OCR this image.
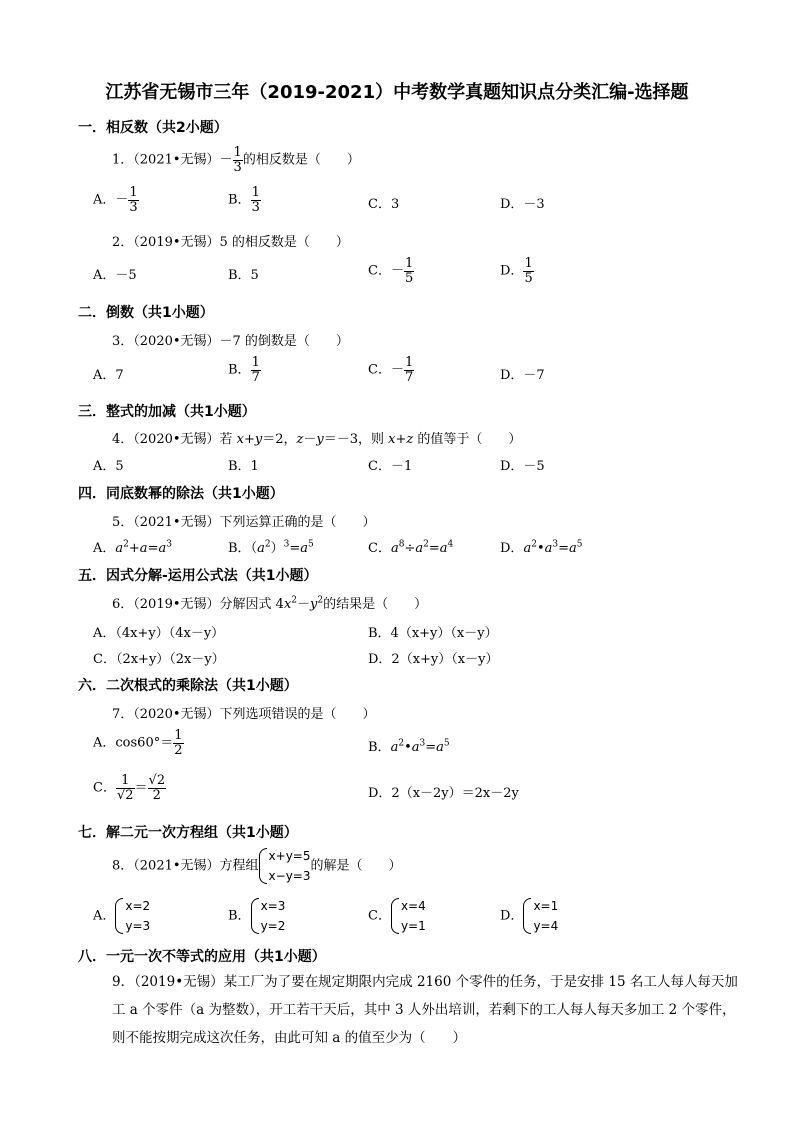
江苏省无锡市三年（2019-2021）中考数学真题知识点分类汇编-选择题
一．相反数（共2小题）
1．（2021•无锡）－ $\frac{1}{3}$ 的相反数是（　　）
A．－ $\frac{1}{3}$	B． $\frac{1}{3}$	C．3	D．－3
2．（2019•无锡）5 的相反数是（　　）
A．－5	B．5	C．－ $\frac{1}{5}$	D． $\frac{1}{5}$
二．倒数（共1小题）
3．（2020•无锡）－7 的倒数是（　　）
A．7	B． $\frac{1}{7}$	C．－ $\frac{1}{7}$	D．－7
三．整式的加减（共1小题）
4．（2020•无锡）若 x+y＝2，z－y＝－3，则 x+z 的值等于（　　）
A．5	B．1	C．－1	D．－5
四．同底数幂的除法（共1小题）
5．（2021•无锡）下列运算正确的是（　　）
A．$a^2+a=a^3$	B．$(a^2)^3=a^5$	C．$a^8\div a^2=a^4$	D．$a^2•a^3=a^5$
五．因式分解-运用公式法（共1小题）
6．（2019•无锡）分解因式 $4x^2-y^2$的结果是（　　）
A．（4x+y）（4x－y）	B．4（x+y）（x－y）
C．（2x+y）（2x－y）	D．2（x+y）（x－y）
六．二次根式的乘除法（共1小题）
7．（2020•无锡）下列选项错误的是（　　）
A．$\cos 60^\circ= \frac{1}{2}$	B．$a^2•a^3=a^5$
C． $\frac{1}{√2} = \frac{√2}{2}$	D．2（x－2y）＝2x－2y
七．解二元一次方程组（共1小题）
8．（2021•无锡）方程组
x+y=5
x−y=3
的解是（　　）
A．
x=2
y=3
B．
x=3
y=2
C．
x=4
y=1
D．
x=1
y=4
八．一元一次不等式的应用（共1小题）
9．（2019•无锡）某工厂为了要在规定期限内完成 2160 个零件的任务，于是安排 15 名工人每人每天加工 a 个零件（a 为整数），开工若干天后，其中 3 人外出培训，若剩下的工人每人每天多加工 2 个零件，则不能按期完成这次任务，由此可知 a 的值至少为（　　）
